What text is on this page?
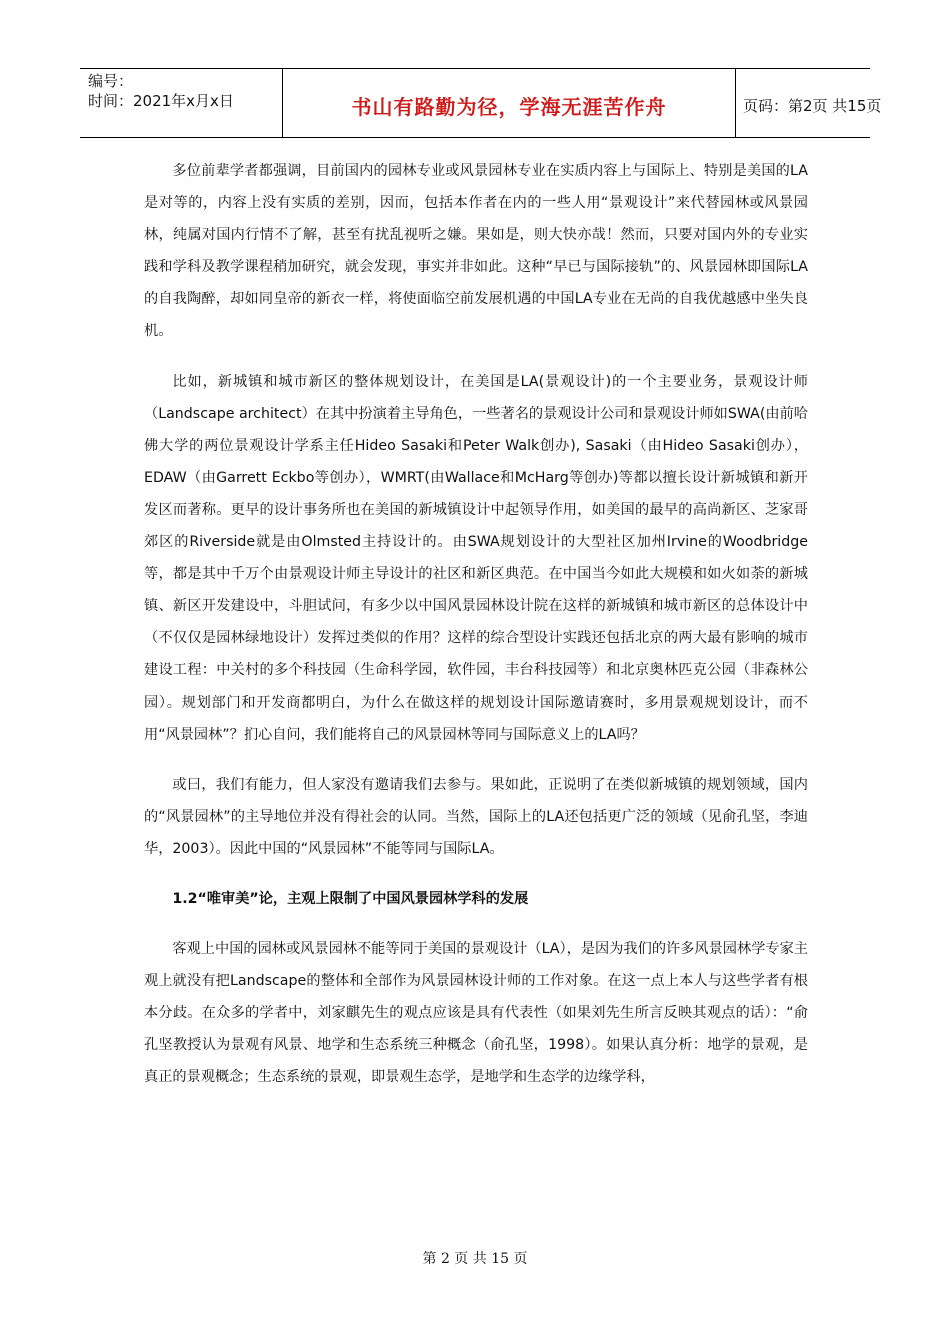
编号：
时间：2021年x月x日	书山有路勤为径，学海无涯苦作舟	页码：第2页 共15页

多位前辈学者都强调，目前国内的园林专业或风景园林专业在实质内容上与国际上、特别是美国的LA是对等的，内容上没有实质的差别，因而，包括本作者在内的一些人用“景观设计”来代替园林或风景园林，纯属对国内行情不了解，甚至有扰乱视听之嫌。果如是，则大快亦哉！然而，只要对国内外的专业实践和学科及教学课程稍加研究，就会发现，事实并非如此。这种“早已与国际接轨”的、风景园林即国际LA的自我陶醉，却如同皇帝的新衣一样，将使面临空前发展机遇的中国LA专业在无尚的自我优越感中坐失良机。

比如，新城镇和城市新区的整体规划设计，在美国是LA(景观设计)的一个主要业务，景观设计师（Landscape architect）在其中扮演着主导角色，一些著名的景观设计公司和景观设计师如SWA(由前哈佛大学的两位景观设计学系主任Hideo Sasaki和Peter Walk创办), Sasaki（由Hideo Sasaki创办），EDAW（由Garrett Eckbo等创办），WMRT(由Wallace和McHarg等创办)等都以擅长设计新城镇和新开发区而著称。更早的设计事务所也在美国的新城镇设计中起领导作用，如美国的最早的高尚新区、芝家哥郊区的Riverside就是由Olmsted主持设计的。由SWA规划设计的大型社区加州Irvine的Woodbridge等，都是其中千万个由景观设计师主导设计的社区和新区典范。在中国当今如此大规模和如火如荼的新城镇、新区开发建设中，斗胆试问，有多少以中国风景园林设计院在这样的新城镇和城市新区的总体设计中（不仅仅是园林绿地设计）发挥过类似的作用？这样的综合型设计实践还包括北京的两大最有影响的城市建设工程：中关村的多个科技园（生命科学园，软件园，丰台科技园等）和北京奥林匹克公园（非森林公园）。规划部门和开发商都明白，为什么在做这样的规划设计国际邀请赛时，多用景观规划设计，而不用“风景园林”？扪心自问，我们能将自己的风景园林等同与国际意义上的LA吗？

或曰，我们有能力，但人家没有邀请我们去参与。果如此，正说明了在类似新城镇的规划领域，国内的“风景园林”的主导地位并没有得社会的认同。当然，国际上的LA还包括更广泛的领域（见俞孔坚，李迪华，2003）。因此中国的“风景园林”不能等同与国际LA。

1.2“唯审美”论，主观上限制了中国风景园林学科的发展

客观上中国的园林或风景园林不能等同于美国的景观设计（LA），是因为我们的许多风景园林学专家主观上就没有把Landscape的整体和全部作为风景园林设计师的工作对象。在这一点上本人与这些学者有根本分歧。在众多的学者中，刘家麒先生的观点应该是具有代表性（如果刘先生所言反映其观点的话）：“俞孔坚教授认为景观有风景、地学和生态系统三种概念（俞孔坚，1998）。如果认真分析：地学的景观，是真正的景观概念；生态系统的景观，即景观生态学，是地学和生态学的边缘学科，

第 2 页 共 15 页
